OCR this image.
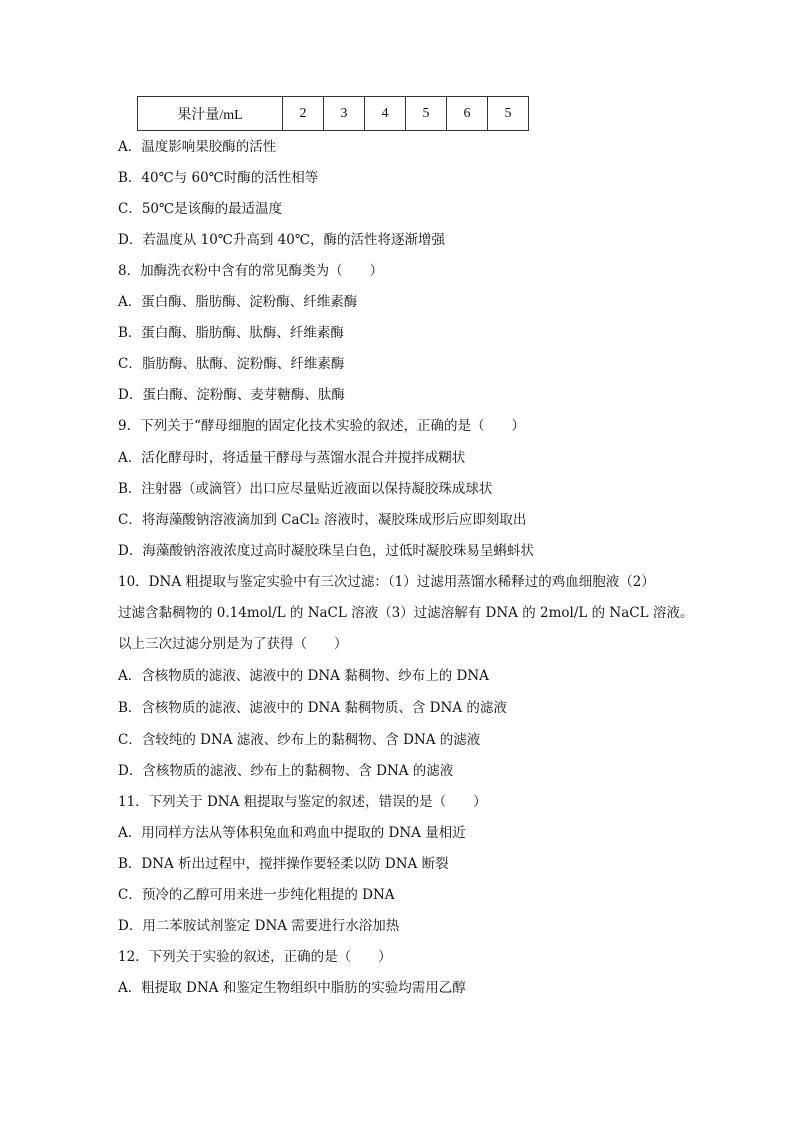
果汁量/mL	2	3	4	5	6	5
A．温度影响果胶酶的活性
B．40℃与 60℃时酶的活性相等
C．50℃是该酶的最适温度
D．若温度从 10℃升高到 40℃，酶的活性将逐渐增强
8．加酶洗衣粉中含有的常见酶类为（　　）
A．蛋白酶、脂肪酶、淀粉酶、纤维素酶
B．蛋白酶、脂肪酶、肽酶、纤维素酶
C．脂肪酶、肽酶、淀粉酶、纤维素酶
D．蛋白酶、淀粉酶、麦芽糖酶、肽酶
9．下列关于“酵母细胞的固定化技术实验的叙述，正确的是（　　）
A．活化酵母时，将适量干酵母与蒸馏水混合并搅拌成糊状
B．注射器（或滴管）出口应尽量贴近液面以保持凝胶珠成球状
C．将海藻酸钠溶液滴加到 CaCl₂ 溶液时，凝胶珠成形后应即刻取出
D．海藻酸钠溶液浓度过高时凝胶珠呈白色，过低时凝胶珠易呈蝌蚪状
10．DNA 粗提取与鉴定实验中有三次过滤：（1）过滤用蒸馏水稀释过的鸡血细胞液（2）
过滤含黏稠物的 0.14mol/L 的 NaCL 溶液（3）过滤溶解有 DNA 的 2mol/L 的 NaCL 溶液。
以上三次过滤分别是为了获得（　　）
A．含核物质的滤液、滤液中的 DNA 黏稠物、纱布上的 DNA
B．含核物质的滤液、滤液中的 DNA 黏稠物质、含 DNA 的滤液
C．含较纯的 DNA 滤液、纱布上的黏稠物、含 DNA 的滤液
D．含核物质的滤液、纱布上的黏稠物、含 DNA 的滤液
11．下列关于 DNA 粗提取与鉴定的叙述，错误的是（　　）
A．用同样方法从等体积兔血和鸡血中提取的 DNA 量相近
B．DNA 析出过程中，搅拌操作要轻柔以防 DNA 断裂
C．预冷的乙醇可用来进一步纯化粗提的 DNA
D．用二苯胺试剂鉴定 DNA 需要进行水浴加热
12．下列关于实验的叙述，正确的是（　　）
A．粗提取 DNA 和鉴定生物组织中脂肪的实验均需用乙醇
